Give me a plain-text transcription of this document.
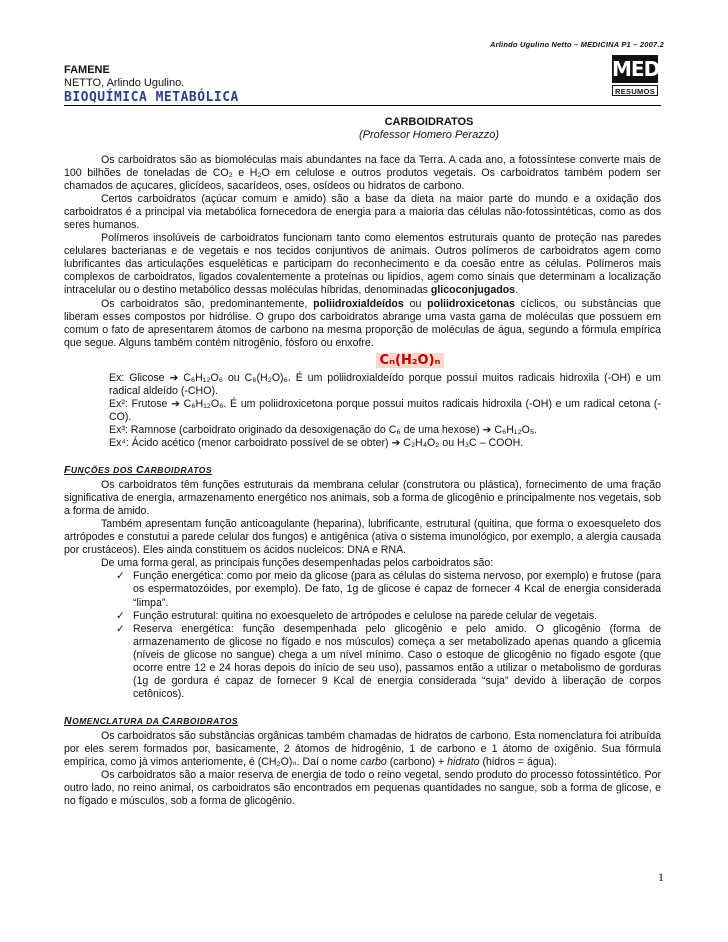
Arlindo Ugulino Netto – MEDICINA P1 – 2007.2
FAMENE
NETTO, Arlindo Ugulino.
BIOQUÍMICA METABÓLICA
MED
RESUMOS
CARBOIDRATOS
(Professor Homero Perazzo)

Os carboidratos são as biomoléculas mais abundantes na face da Terra. A cada ano, a fotossíntese converte mais de 100 bilhões de toneladas de CO₂ e H₂O em celulose e outros produtos vegetais. Os carboidratos também podem ser chamados de açucares, glicídeos, sacarídeos, oses, osídeos ou hidratos de carbono.

Certos carboidratos (açúcar comum e amido) são a base da dieta na maior parte do mundo e a oxidação dos carboidratos é a principal via metabólica fornecedora de energia para a maioria das células não-fotossintéticas, como as dos seres humanos.

Polímeros insolúveis de carboidratos funcionam tanto como elementos estruturais quanto de proteção nas paredes celulares bacterianas e de vegetais e nos tecidos conjuntivos de animais. Outros polímeros de carboidratos agem como lubrificantes das articulações esqueléticas e participam do reconhecimento e da coesão entre as células. Polímeros mais complexos de carboidratos, ligados covalentemente a proteínas ou lipídios, agem como sinais que determinam a localização intracelular ou o destino metabólico dessas moléculas híbridas, denominadas glicoconjugados.

Os carboidratos são, predominantemente, poliidroxialdeídos ou poliidroxicetonas cíclicos, ou substâncias que liberam esses compostos por hidrólise. O grupo dos carboidratos abrange uma vasta gama de moléculas que possuem em comum o fato de apresentarem átomos de carbono na mesma proporção de moléculas de água, segundo a fórmula empírica que segue. Alguns também contém nitrogênio, fósforo ou enxofre.

Cₙ(H₂O)ₙ
Ex: Glicose ➔ C₆H₁₂O₆ ou C₆(H₂O)₆. É um poliidroxialdeído porque possui muitos radicais hidroxila (-OH) e um radical aldeído (-CHO).
Ex²: Frutose ➔ C₆H₁₂O₆. É um poliidroxicetona porque possui muitos radicais hidroxila (-OH) e um radical cetona (-CO).
Ex³: Ramnose (carboidrato originado da desoxigenação do C₆ de uma hexose) ➔ C₆H₁₂O₅.
Ex⁴: Ácido acético (menor carboidrato possível de se obter) ➔ C₂H₄O₂ ou H₃C – COOH.
FUNÇÕES DOS CARBOIDRATOS

Os carboidratos têm funções estruturais da membrana celular (construtora ou plástica), fornecimento de uma fração significativa de energia, armazenamento energético nos animais, sob a forma de glicogênio e principalmente nos vegetais, sob a forma de amido.

Também apresentam função anticoagulante (heparina), lubrificante, estrutural (quitina, que forma o exoesqueleto dos artrópodes e constutui a parede celular dos fungos) e antigênica (ativa o sistema imunológico, por exemplo, a alergia causada por crustáceos). Eles ainda constituem os ácidos nucleicos: DNA e RNA.

De uma forma geral, as principais funções desempenhadas pelos carboidratos são:

✓ Função energética: como por meio da glicose (para as células do sistema nervoso, por exemplo) e frutose (para os espermatozóides, por exemplo). De fato, 1g de glicose é capaz de fornecer 4 Kcal de energia considerada “limpa”.
✓ Função estrutural: quitina no exoesqueleto de artrópodes e celulose na parede celular de vegetais.
✓ Reserva energética: função desempenhada pelo glicogênio e pelo amido. O glicogênio (forma de armazenamento de glicose no fígado e nos músculos) começa a ser metabolizado apenas quando a glicemia (níveis de glicose no sangue) chega a um nível mínimo. Caso o estoque de glicogênio no fígado esgote (que ocorre entre 12 e 24 horas depois do início de seu uso), passamos então a utilizar o metabolismo de gorduras (1g de gordura é capaz de fornecer 9 Kcal de energia considerada “suja” devido à liberação de corpos cetônicos).
NOMENCLATURA DA CARBOIDRATOS

Os carboidratos são substâncias orgânicas também chamadas de hidratos de carbono. Esta nomenclatura foi atribuída por eles serem formados por, basicamente, 2 átomos de hidrogênio, 1 de carbono e 1 átomo de oxigênio. Sua fórmula empírica, como já vimos anteriomente, é (CH₂O)ₙ. Daí o nome carbo (carbono) + hidrato (hidros = água).

Os carboidratos são a maior reserva de energia de todo o reino vegetal, sendo produto do processo fotossintético. Por outro lado, no reino animal, os carboidratos são encontrados em pequenas quantidades no sangue, sob a forma de glicose, e no fígado e músculos, sob a forma de glicogênio.

1
